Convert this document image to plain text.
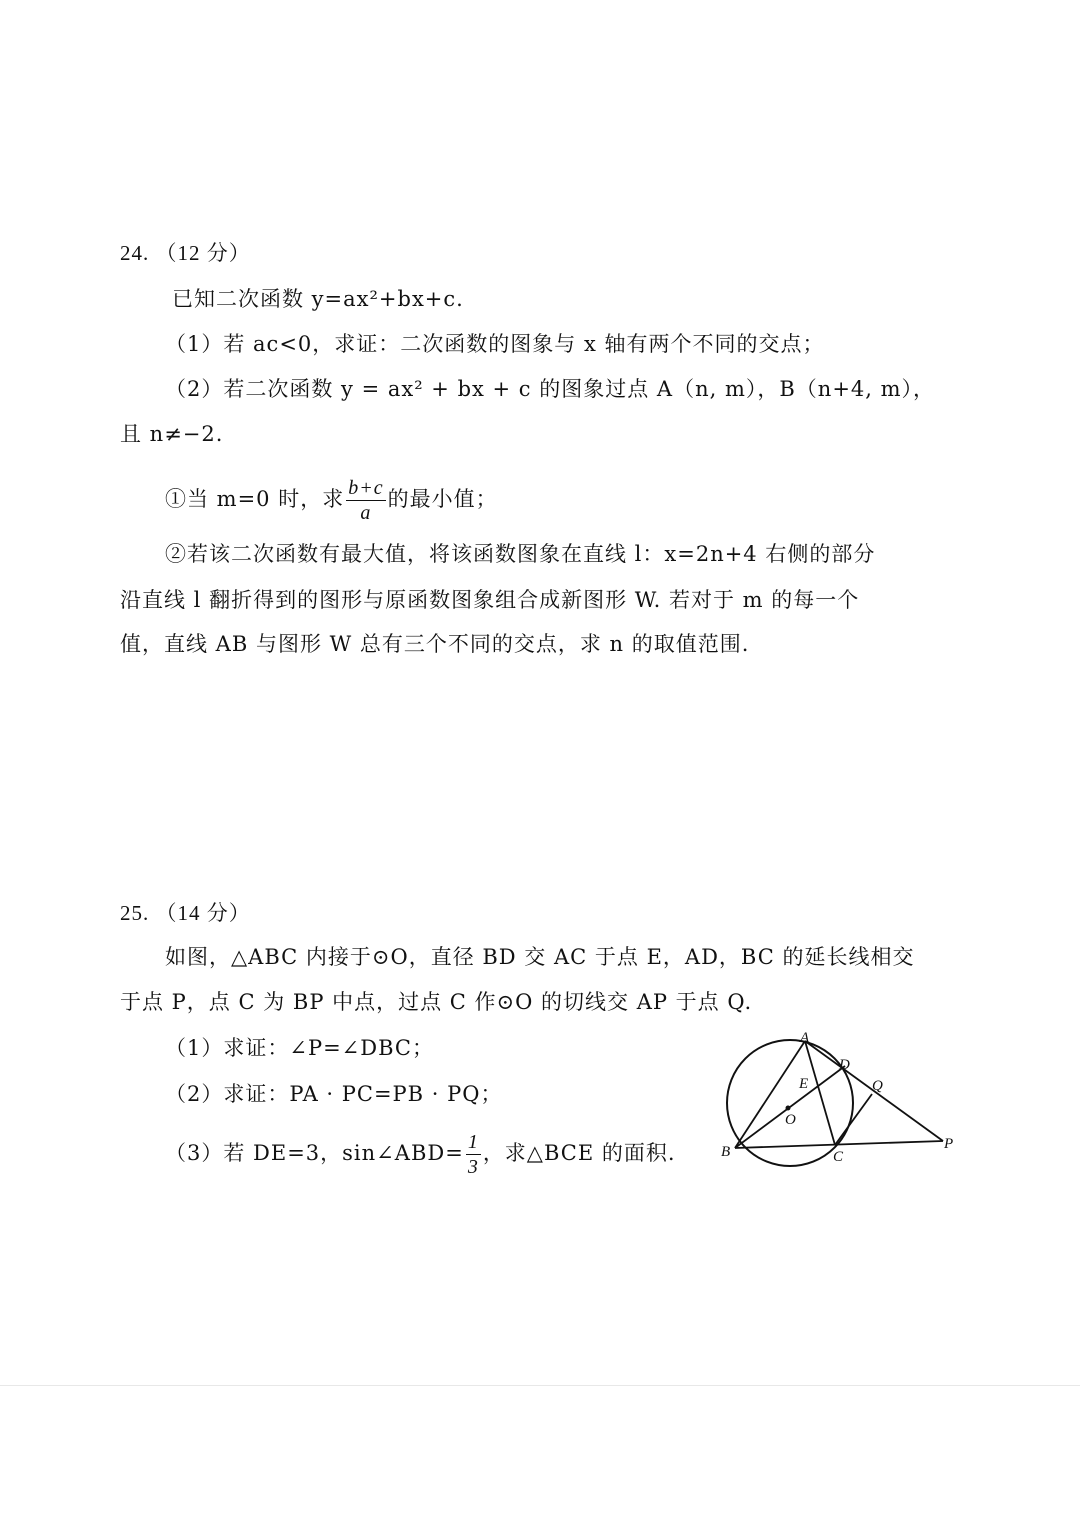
24. （12 分）
已知二次函数 y=ax²+bx+c.
（1）若 ac<0，求证：二次函数的图象与 x 轴有两个不同的交点；
（2）若二次函数 y = ax² + bx + c 的图象过点 A（n, m），B（n+4, m），
且 n≠−2.
①当 m=0 时，求 $\frac{b+c}{a}$ 的最小值；
②若该二次函数有最大值，将该函数图象在直线 l：x=2n+4 右侧的部分
沿直线 l 翻折得到的图形与原函数图象组合成新图形 W. 若对于 m 的每一个
值，直线 AB 与图形 W 总有三个不同的交点，求 n 的取值范围.
25. （14 分）
如图，△ABC 内接于⊙O，直径 BD 交 AC 于点 E，AD，BC 的延长线相交
于点 P，点 C 为 BP 中点，过点 C 作⊙O 的切线交 AP 于点 Q.
（1）求证：∠P=∠DBC；
（2）求证：PA · PC=PB · PQ；
（3）若 DE=3，sin∠ABD= $\frac{1}{3}$ ，求△BCE 的面积.
A
B	C
D
E
O
P
Q
